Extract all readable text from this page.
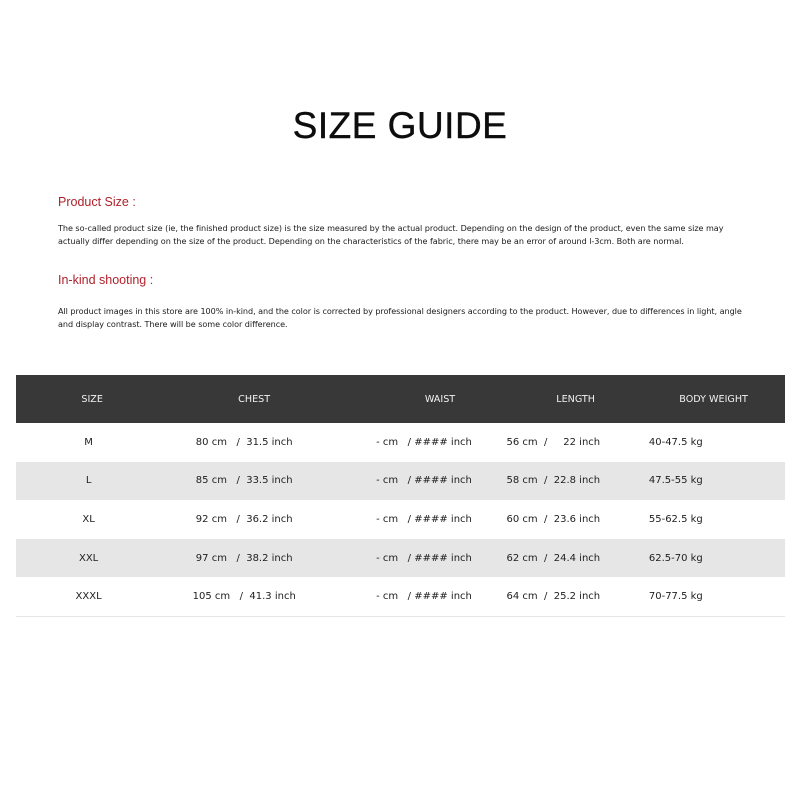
SIZE GUIDE
Product Size :
The so-called product size (ie, the finished product size) is the size measured by the actual product. Depending on the design of the product, even the same size may actually differ depending on the size of the product. Depending on the characteristics of the fabric, there may be an error of around l-3cm. Both are normal.
In-kind shooting :
All product images in this store are 100% in-kind, and the color is corrected by professional designers according to the product. However, due to differences in light, angle and display contrast. There will be some color difference.
SIZE	CHEST	WAIST	LENGTH	BODY WEIGHT
M	80 cm   /  31.5 inch	- cm   / #### inch	56 cm  /     22 inch	40-47.5 kg
L	85 cm   /  33.5 inch	- cm   / #### inch	58 cm  /  22.8 inch	47.5-55 kg
XL	92 cm   /  36.2 inch	- cm   / #### inch	60 cm  /  23.6 inch	55-62.5 kg
XXL	97 cm   /  38.2 inch	- cm   / #### inch	62 cm  /  24.4 inch	62.5-70 kg
XXXL	105 cm   /  41.3 inch	- cm   / #### inch	64 cm  /  25.2 inch	70-77.5 kg
